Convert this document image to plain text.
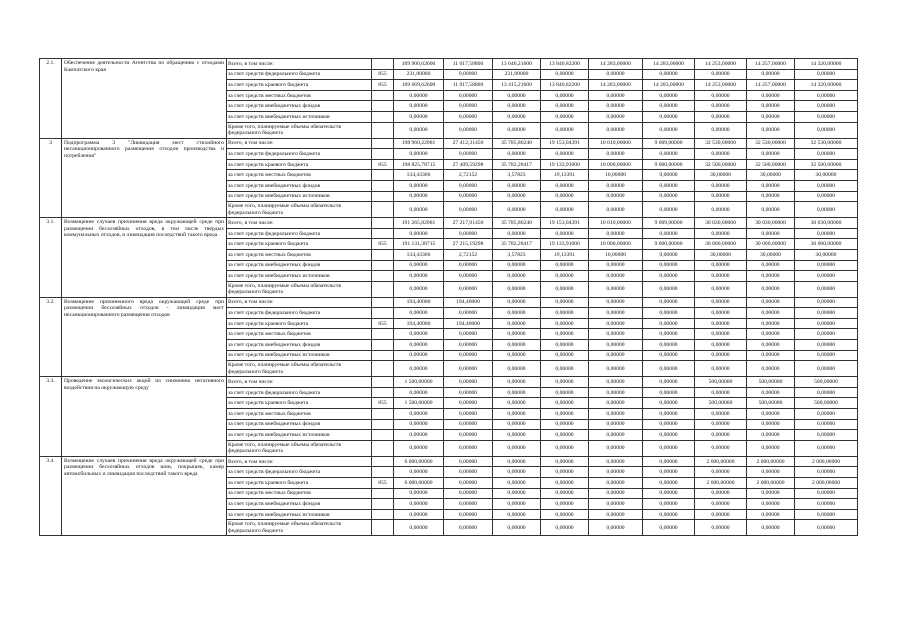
2.1.	Обеспечение деятельности Агентства по обращению с отходами Камчатского края	Всего, в том числе:		109 900,62600	11 017,58800	13 646,21600	13 840,82200	14 283,00000	14 283,00000	14 253,00000	14 257,00000	14 320,00000	
		за счет средств федерального бюджета	855	231,00000	0,00000	231,00000	0,00000	0,00000	0,00000	0,00000	0,00000	0,00000	
		за счет средств краевого бюджета	855	109 669,62600	11 017,58800	13 415,21600	13 840,82200	14 283,00000	14 283,00000	14 253,00000	14 257,00000	14 320,00000	
		за счет средств местных бюджетов		0,00000	0,00000	0,00000	0,00000	0,00000	0,00000	0,00000	0,00000	0,00000	
		за счет средств внебюджетных фондов		0,00000	0,00000	0,00000	0,00000	0,00000	0,00000	0,00000	0,00000	0,00000	
		за счет средств внебюджетных источников		0,00000	0,00000	0,00000	0,00000	0,00000	0,00000	0,00000	0,00000	0,00000	
		Кроме того, планируемые объемы обязательств федерального бюджета		0,00000	0,00000	0,00000	0,00000	0,00000	0,00000	0,00000	0,00000	0,00000	
3	Подпрограмма 3 "Ликвидация мест стихийного несанкционированного размещения отходов производства и потребления"	Всего, в том числе:		198 960,22081	27 412,31450	35 785,86240	19 153,04391	10 010,00000	9 009,00000	32 530,00000	32 530,00000	32 530,00000	
		за счет средств федерального бюджета		0,00000	0,00000	0,00000	0,00000	0,00000	0,00000	0,00000	0,00000	0,00000	
		за счет средств краевого бюджета	855	198 825,78715	27 409,59298	35 782,28417	19 133,91000	10 000,00000	9 000,00000	32 500,00000	32 500,00000	32 500,00000	
		за счет средств местных бюджетов		134,43366	2,72152	3,57823	19,13391	10,00000	9,00000	30,00000	30,00000	30,00000	
		за счет средств внебюджетных фондов		0,00000	0,00000	0,00000	0,00000	0,00000	0,00000	0,00000	0,00000	0,00000	
		за счет средств внебюджетных источников		0,00000	0,00000	0,00000	0,00000	0,00000	0,00000	0,00000	0,00000	0,00000	
		Кроме того, планируемые объемы обязательств федерального бюджета		0,00000	0,00000	0,00000	0,00000	0,00000	0,00000	0,00000	0,00000	0,00000	
3.1.	Возмещение случаев причинения вреда окружающей среде при размещении бесхозяйных отходов, в том числе твердых коммунальных отходов, и ликвидация последствий такого вреда	Всего, в том числе:		191 265,82081	27 217,91450	35 785,86240	19 153,04391	10 010,00000	9 009,00000	30 030,00000	30 030,00000	30 030,00000	
		за счет средств федерального бюджета		0,00000	0,00000	0,00000	0,00000	0,00000	0,00000	0,00000	0,00000	0,00000	
		за счет средств краевого бюджета	855	191 131,38715	27 215,19298	35 782,28417	19 133,91000	10 000,00000	9 000,00000	30 000,00000	30 000,00000	30 000,00000	
		за счет средств местных бюджетов		134,43366	2,72152	3,57823	19,13391	10,00000	9,00000	30,00000	30,00000	30,00000	
		за счет средств внебюджетных фондов		0,00000	0,00000	0,00000	0,00000	0,00000	0,00000	0,00000	0,00000	0,00000	
		за счет средств внебюджетных источников		0,00000	0,00000	0,00000	0,00000	0,00000	0,00000	0,00000	0,00000	0,00000	
		Кроме того, планируемые объемы обязательств федерального бюджета		0,00000	0,00000	0,00000	0,00000	0,00000	0,00000	0,00000	0,00000	0,00000	
3.2.	Возмещение причиненного вреда окружающей среде при размещении бесхозяйных отходов - ликвидация мест несанкционированного размещения отходов	Всего, в том числе:		194,40000	194,40000	0,00000	0,00000	0,00000	0,00000	0,00000	0,00000	0,00000	
		за счет средств федерального бюджета		0,00000	0,00000	0,00000	0,00000	0,00000	0,00000	0,00000	0,00000	0,00000	
		за счет средств краевого бюджета	855	194,40000	194,40000	0,00000	0,00000	0,00000	0,00000	0,00000	0,00000	0,00000	
		за счет средств местных бюджетов		0,00000	0,00000	0,00000	0,00000	0,00000	0,00000	0,00000	0,00000	0,00000	
		за счет средств внебюджетных фондов		0,00000	0,00000	0,00000	0,00000	0,00000	0,00000	0,00000	0,00000	0,00000	
		за счет средств внебюджетных источников		0,00000	0,00000	0,00000	0,00000	0,00000	0,00000	0,00000	0,00000	0,00000	
		Кроме того, планируемые объемы обязательств федерального бюджета		0,00000	0,00000	0,00000	0,00000	0,00000	0,00000	0,00000	0,00000	0,00000	
3.3.	Проведение экологических акций по снижению негативного воздействия на окружающую среду	Всего, в том числе:		1 500,00000	0,00000	0,00000	0,00000	0,00000	0,00000	500,00000	500,00000	500,00000	
		за счет средств федерального бюджета		0,00000	0,00000	0,00000	0,00000	0,00000	0,00000	0,00000	0,00000	0,00000	
		за счет средств краевого бюджета	855	1 500,00000	0,00000	0,00000	0,00000	0,00000	0,00000	500,00000	500,00000	500,00000	
		за счет средств местных бюджетов		0,00000	0,00000	0,00000	0,00000	0,00000	0,00000	0,00000	0,00000	0,00000	
		за счет средств внебюджетных фондов		0,00000	0,00000	0,00000	0,00000	0,00000	0,00000	0,00000	0,00000	0,00000	
		за счет средств внебюджетных источников		0,00000	0,00000	0,00000	0,00000	0,00000	0,00000	0,00000	0,00000	0,00000	
		Кроме того, планируемые объемы обязательств федерального бюджета		0,00000	0,00000	0,00000	0,00000	0,00000	0,00000	0,00000	0,00000	0,00000	
3.4.	Возмещение случаев причинения вреда окружающей среде при размещении бесхозяйных отходов шин, покрышек, камер автомобильных и ликвидация последствий такого вреда	Всего, в том числе:		6 000,00000	0,00000	0,00000	0,00000	0,00000	0,00000	2 000,00000	2 000,00000	2 000,00000	
		за счет средств федерального бюджета		0,00000	0,00000	0,00000	0,00000	0,00000	0,00000	0,00000	0,00000	0,00000	
		за счет средств краевого бюджета	855	6 000,00000	0,00000	0,00000	0,00000	0,00000	0,00000	2 000,00000	2 000,00000	2 000,00000	
		за счет средств местных бюджетов		0,00000	0,00000	0,00000	0,00000	0,00000	0,00000	0,00000	0,00000	0,00000	
		за счет средств внебюджетных фондов		0,00000	0,00000	0,00000	0,00000	0,00000	0,00000	0,00000	0,00000	0,00000	
		за счет средств внебюджетных источников		0,00000	0,00000	0,00000	0,00000	0,00000	0,00000	0,00000	0,00000	0,00000	
		Кроме того, планируемые объемы обязательств федерального бюджета		0,00000	0,00000	0,00000	0,00000	0,00000	0,00000	0,00000	0,00000	0,00000	
